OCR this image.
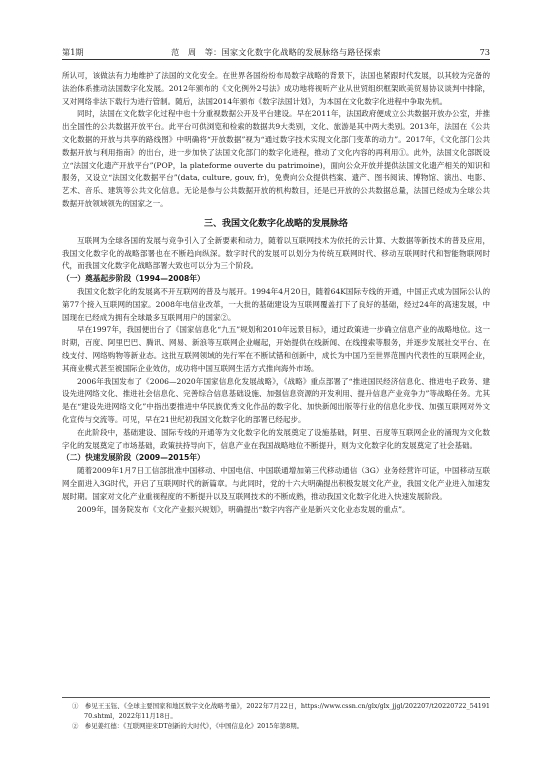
第1期	范　周　等：国家文化数字化战略的发展脉络与路径探索	73

所认可，该做法有力地维护了法国的文化安全。在世界各国纷纷布局数字战略的背景下，法国也紧跟时代发展，以其较为完备的法治体系推动法国数字化发展。2012年颁布的《文化例外2号法》成功地将视听产业从世贸组织框架欧美贸易协议谈判中排除，又对网络非法下载行为进行管制。随后，法国2014年颁布《数字法国计划》，为本国在文化数字化进程中争取先机。

同时，法国在文化数字化过程中也十分重视数据公开及平台建设。早在2011年，法国政府便成立公共数据开放办公室，并推出全国性的公共数据开放平台。此平台可供浏览和检索的数据共9大类别，文化、旅游是其中两大类别。2013年，法国在《公共文化数据的开放与共享的路线图》中明确将“开放数据”视为“通过数字技术实现文化部门变革的动力”。2017年，《文化部门公共数据开放与利用指南》的出台，进一步加快了法国文化部门的数字化进程，推动了文化内容的再利用①。此外，法国文化部既设立“法国文化遗产开放平台”(POP，la plateforme ouverte du patrimoine)，面向公众开放并提供法国文化遗产相关的知识和服务，又设立“法国文化数据平台”(data, culture, gouv, fr)，免费向公众提供档案、遗产、图书阅读、博物馆、演出、电影、艺术、音乐、建筑等公共文化信息。无论是参与公共数据开放的机构数目，还是已开放的公共数据总量，法国已经成为全球公共数据开放领域领先的国家之一。

三、我国文化数字化战略的发展脉络

互联网为全球各国的发展与竞争引入了全新要素和动力，随着以互联网技术为依托的云计算、大数据等新技术的普及应用，我国文化数字化的战略部署也在不断趋向纵深。数字时代的发展可以划分为传统互联网时代、移动互联网时代和智能物联网时代，而我国文化数字化战略部署大致也可以分为三个阶段。

（一）奠基起步阶段（1994—2008年）

我国文化数字化的发展离不开互联网的普及与展开。1994年4月20日，随着64K国际专线的开通，中国正式成为国际公认的第77个接入互联网的国家。2008年电信业改革，一大批的基础建设为互联网覆盖打下了良好的基础，经过24年的高速发展，中国现在已经成为拥有全球最多互联网用户的国家②。

早在1997年，我国便出台了《国家信息化“九五”规划和2010年远景目标》，通过政策进一步确立信息产业的战略地位。这一时期，百度、阿里巴巴、腾讯、网易、新浪等互联网企业崛起，开始提供在线新闻、在线搜索等服务，并逐步发展社交平台、在线支付、网络购物等新业态。这批互联网领域的先行军在不断试错和创新中，成长为中国乃至世界范围内代表性的互联网企业，其商业模式甚至被国际企业效仿，成功将中国互联网生活方式推向海外市场。

2006年我国发布了《2006—2020年国家信息化发展战略》，《战略》重点部署了“推进国民经济信息化、推进电子政务、建设先进网络文化、推进社会信息化、完善综合信息基础设施、加强信息资源的开发利用、提升信息产业竞争力”等战略任务。尤其是在“建设先进网络文化”中指出要推进中华民族优秀文化作品的数字化、加快新闻出版等行业的信息化步伐、加强互联网对外文化宣传与交流等。可见，早在21世纪初我国文化数字化的部署已经起步。

在此阶段中，基础建设、国际专线的开通等为文化数字化的发展奠定了设施基础，阿里、百度等互联网企业的涌现为文化数字化的发展奠定了市场基础，政策扶持导向下，信息产业在我国战略地位不断提升，则为文化数字化的发展奠定了社会基础。

（二）快速发展阶段（2009—2015年）

随着2009年1月7日工信部批准中国移动、中国电信、中国联通增加第三代移动通信（3G）业务经营许可证，中国移动互联网全面进入3G时代，开启了互联网时代的新篇章。与此同时，党的十六大明确提出积极发展文化产业，我国文化产业进入加速发展时期。国家对文化产业重视程度的不断提升以及互联网技术的不断成熟，推动我国文化数字化进入快速发展阶段。

2009年，国务院发布《文化产业振兴规划》，明确提出“数字内容产业是新兴文化业态发展的重点”。

①　参见王玉钰、《全球主要国家和地区数字文化战略考量》，2022年7月22日，https://www.cssn.cn/glx/glx_jjgl/202207/t20220722_5419170.shtml，2022年11月18日。

②　参见姜红德：《互联网迎来DT创新的大时代》，《中国信息化》2015年第8期。
